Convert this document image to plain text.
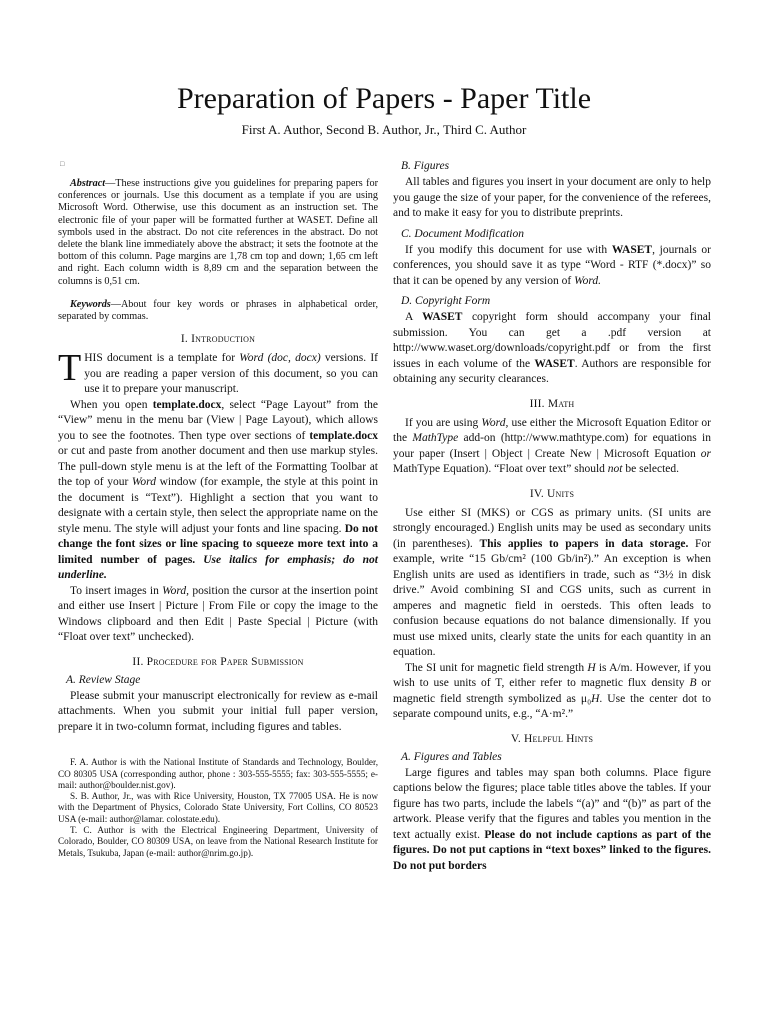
Preparation of Papers - Paper Title
First A. Author, Second B. Author, Jr., Third C. Author
□
Abstract—These instructions give you guidelines for preparing papers for conferences or journals. Use this document as a template if you are using Microsoft Word. Otherwise, use this document as an instruction set. The electronic file of your paper will be formatted further at WASET. Define all symbols used in the abstract. Do not cite references in the abstract. Do not delete the blank line immediately above the abstract; it sets the footnote at the bottom of this column. Page margins are 1,78 cm top and down; 1,65 cm left and right. Each column width is 8,89 cm and the separation between the columns is 0,51 cm.
Keywords—About four key words or phrases in alphabetical order, separated by commas.
I. Introduction

THIS document is a template for Word (doc, docx) versions. If you are reading a paper version of this document, so you can use it to prepare your manuscript.

When you open template.docx, select “Page Layout” from the “View” menu in the menu bar (View | Page Layout), which allows you to see the footnotes. Then type over sections of template.docx or cut and paste from another document and then use markup styles. The pull-down style menu is at the left of the Formatting Toolbar at the top of your Word window (for example, the style at this point in the document is “Text”). Highlight a section that you want to designate with a certain style, then select the appropriate name on the style menu. The style will adjust your fonts and line spacing. Do not change the font sizes or line spacing to squeeze more text into a limited number of pages. Use italics for emphasis; do not underline.

To insert images in Word, position the cursor at the insertion point and either use Insert | Picture | From File or copy the image to the Windows clipboard and then Edit | Paste Special | Picture (with “Float over text” unchecked).

II. Procedure for Paper Submission
A. Review Stage

Please submit your manuscript electronically for review as e-mail attachments. When you submit your initial full paper version, prepare it in two-column format, including figures and tables.

F. A. Author is with the National Institute of Standards and Technology, Boulder, CO 80305 USA (corresponding author, phone : 303-555-5555; fax: 303-555-5555; e-mail: author@boulder.nist.gov).

S. B. Author, Jr., was with Rice University, Houston, TX 77005 USA. He is now with the Department of Physics, Colorado State University, Fort Collins, CO 80523 USA (e-mail: author@lamar. colostate.edu).

T. C. Author is with the Electrical Engineering Department, University of Colorado, Boulder, CO 80309 USA, on leave from the National Research Institute for Metals, Tsukuba, Japan (e-mail: author@nrim.go.jp).

B. Figures

All tables and figures you insert in your document are only to help you gauge the size of your paper, for the convenience of the referees, and to make it easy for you to distribute preprints.

C. Document Modification

If you modify this document for use with WASET, journals or conferences, you should save it as type “Word - RTF (*.docx)” so that it can be opened by any version of Word.

D. Copyright Form

A WASET copyright form should accompany your final submission. You can get a .pdf version at http://www.waset.org/downloads/copyright.pdf or from the first issues in each volume of the WASET. Authors are responsible for obtaining any security clearances.

III. Math

If you are using Word, use either the Microsoft Equation Editor or the MathType add-on (http://www.mathtype.com) for equations in your paper (Insert | Object | Create New | Microsoft Equation or MathType Equation). “Float over text” should not be selected.

IV. Units

Use either SI (MKS) or CGS as primary units. (SI units are strongly encouraged.) English units may be used as secondary units (in parentheses). This applies to papers in data storage. For example, write “15 Gb/cm² (100 Gb/in²).” An exception is when English units are used as identifiers in trade, such as “3½ in disk drive.” Avoid combining SI and CGS units, such as current in amperes and magnetic field in oersteds. This often leads to confusion because equations do not balance dimensionally. If you must use mixed units, clearly state the units for each quantity in an equation.

The SI unit for magnetic field strength H is A/m. However, if you wish to use units of T, either refer to magnetic flux density B or magnetic field strength symbolized as μ₀H. Use the center dot to separate compound units, e.g., “A·m².”

V. Helpful Hints
A. Figures and Tables

Large figures and tables may span both columns. Place figure captions below the figures; place table titles above the tables. If your figure has two parts, include the labels “(a)” and “(b)” as part of the artwork. Please verify that the figures and tables you mention in the text actually exist. Please do not include captions as part of the figures. Do not put captions in “text boxes” linked to the figures. Do not put borders
